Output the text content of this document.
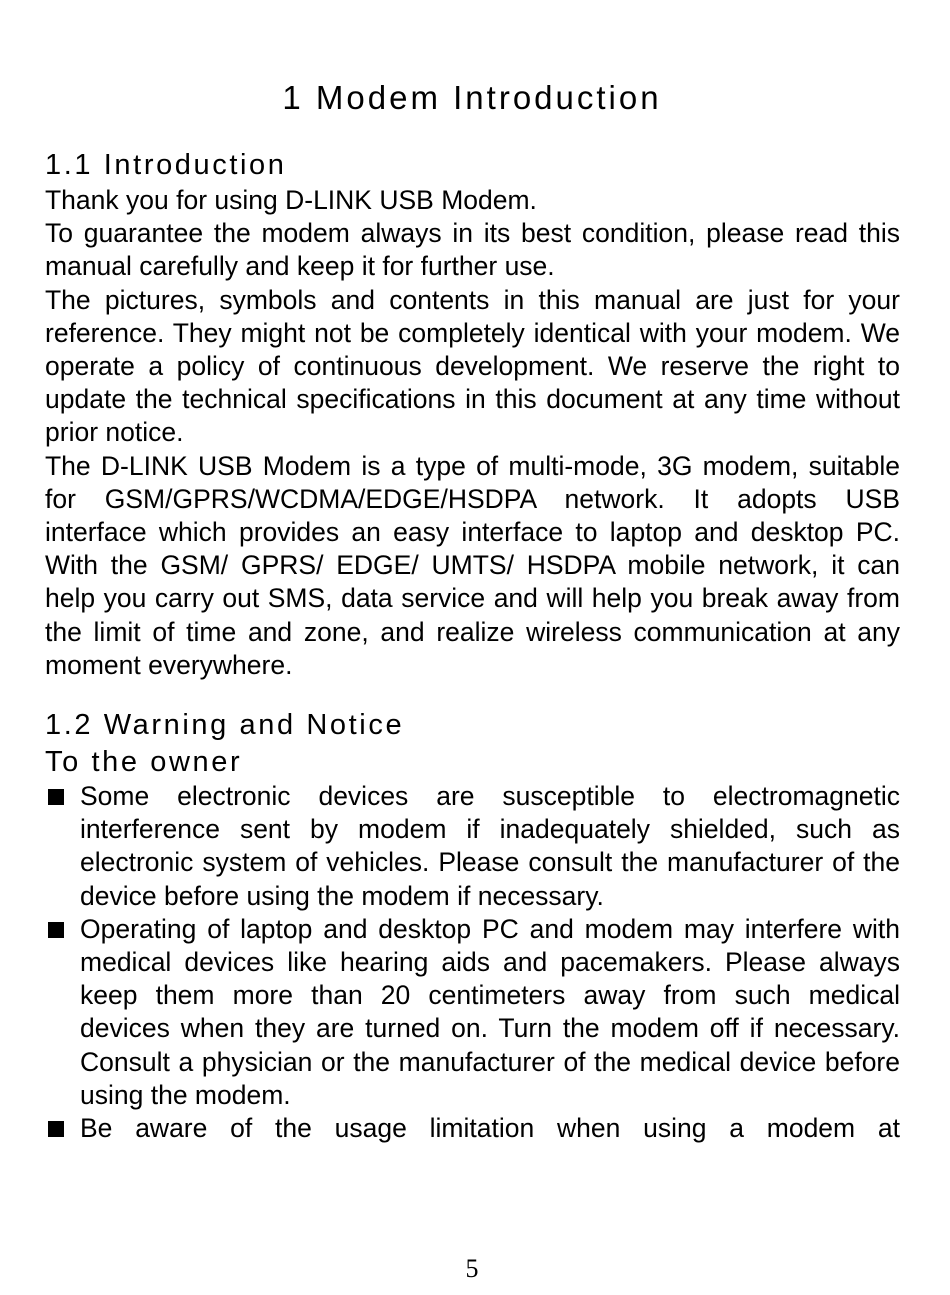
1 Modem Introduction
1.1 Introduction

Thank you for using D-LINK USB Modem.

To guarantee the modem always in its best condition, please read this manual carefully and keep it for further use.

The pictures, symbols and contents in this manual are just for your reference. They might not be completely identical with your modem. We operate a policy of continuous development. We reserve the right to update the technical specifications in this document at any time without prior notice.

The D-LINK USB Modem is a type of multi-mode, 3G modem, suitable for GSM/GPRS/WCDMA/EDGE/HSDPA network. It adopts USB interface which provides an easy interface to laptop and desktop PC. With the GSM/ GPRS/ EDGE/ UMTS/ HSDPA mobile network, it can help you carry out SMS, data service and will help you break away from the limit of time and zone, and realize wireless communication at any moment everywhere.

1.2 Warning and Notice
To the owner
Some electronic devices are susceptible to electromagnetic interference sent by modem if inadequately shielded, such as electronic system of vehicles. Please consult the manufacturer of the device before using the modem if necessary.
Operating of laptop and desktop PC and modem may interfere with medical devices like hearing aids and pacemakers. Please always keep them more than 20 centimeters away from such medical devices when they are turned on. Turn the modem off if necessary. Consult a physician or the manufacturer of the medical device before using the modem.
Be aware of the usage limitation when using a modem at

5
